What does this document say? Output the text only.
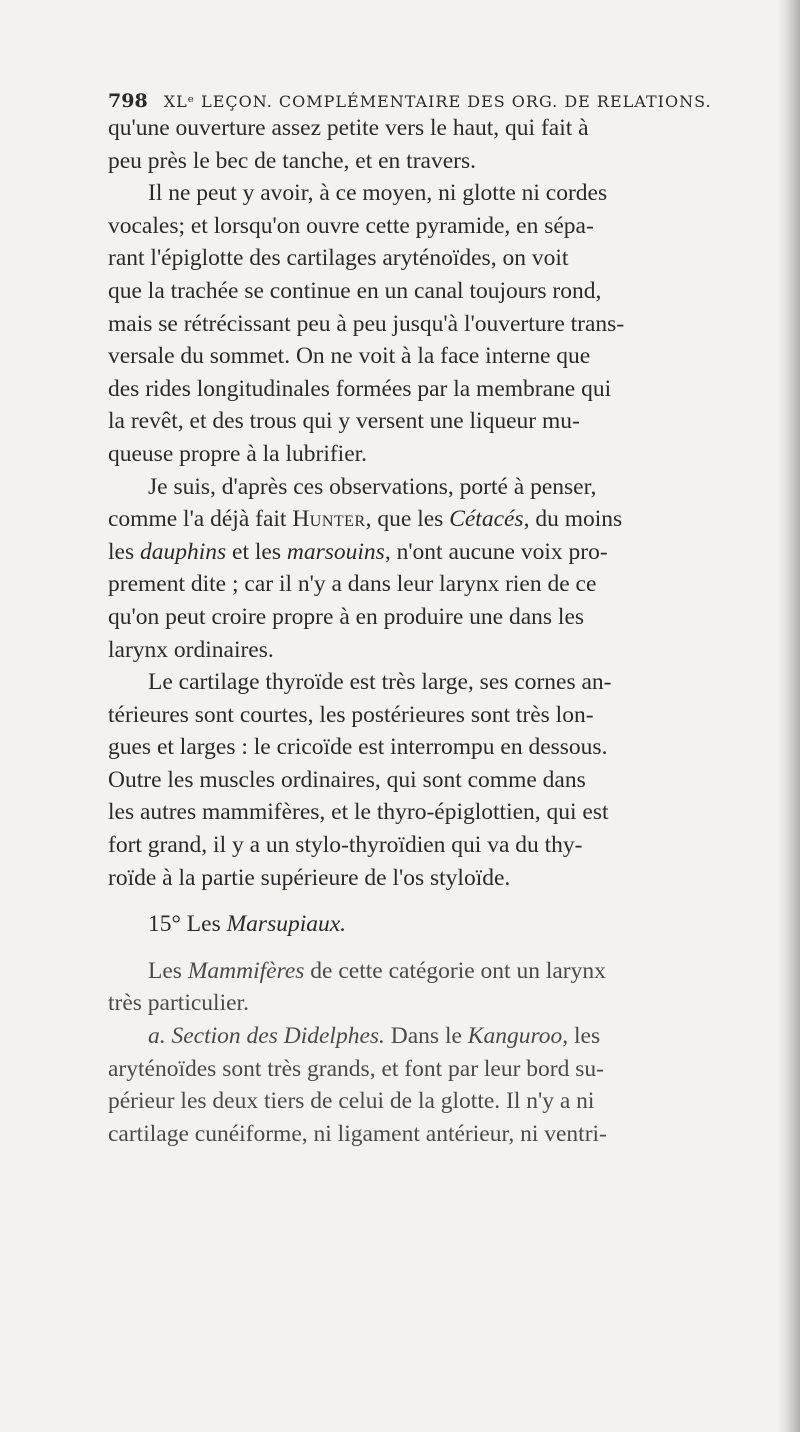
798 XLᵉ LEÇON. COMPLÉMENTAIRE DES ORG. DE RELATIONS.
qu'une ouverture assez petite vers le haut, qui fait à
peu près le bec de tanche, et en travers.
Il ne peut y avoir, à ce moyen, ni glotte ni cordes
vocales; et lorsqu'on ouvre cette pyramide, en sépa-
rant l'épiglotte des cartilages aryténoïdes, on voit
que la trachée se continue en un canal toujours rond,
mais se rétrécissant peu à peu jusqu'à l'ouverture trans-
versale du sommet. On ne voit à la face interne que
des rides longitudinales formées par la membrane qui
la revêt, et des trous qui y versent une liqueur mu-
queuse propre à la lubrifier.
Je suis, d'après ces observations, porté à penser,
comme l'a déjà fait Hunter, que les Cétacés, du moins
les dauphins et les marsouins, n'ont aucune voix pro-
prement dite ; car il n'y a dans leur larynx rien de ce
qu'on peut croire propre à en produire une dans les
larynx ordinaires.
Le cartilage thyroïde est très large, ses cornes an-
térieures sont courtes, les postérieures sont très lon-
gues et larges : le cricoïde est interrompu en dessous.
Outre les muscles ordinaires, qui sont comme dans
les autres mammifères, et le thyro-épiglottien, qui est
fort grand, il y a un stylo-thyroïdien qui va du thy-
roïde à la partie supérieure de l'os styloïde.
15° Les Marsupiaux.
Les Mammifères de cette catégorie ont un larynx
très particulier.
a. Section des Didelphes. Dans le Kanguroo, les
aryténoïdes sont très grands, et font par leur bord su-
périeur les deux tiers de celui de la glotte. Il n'y a ni
cartilage cunéiforme, ni ligament antérieur, ni ventri-
